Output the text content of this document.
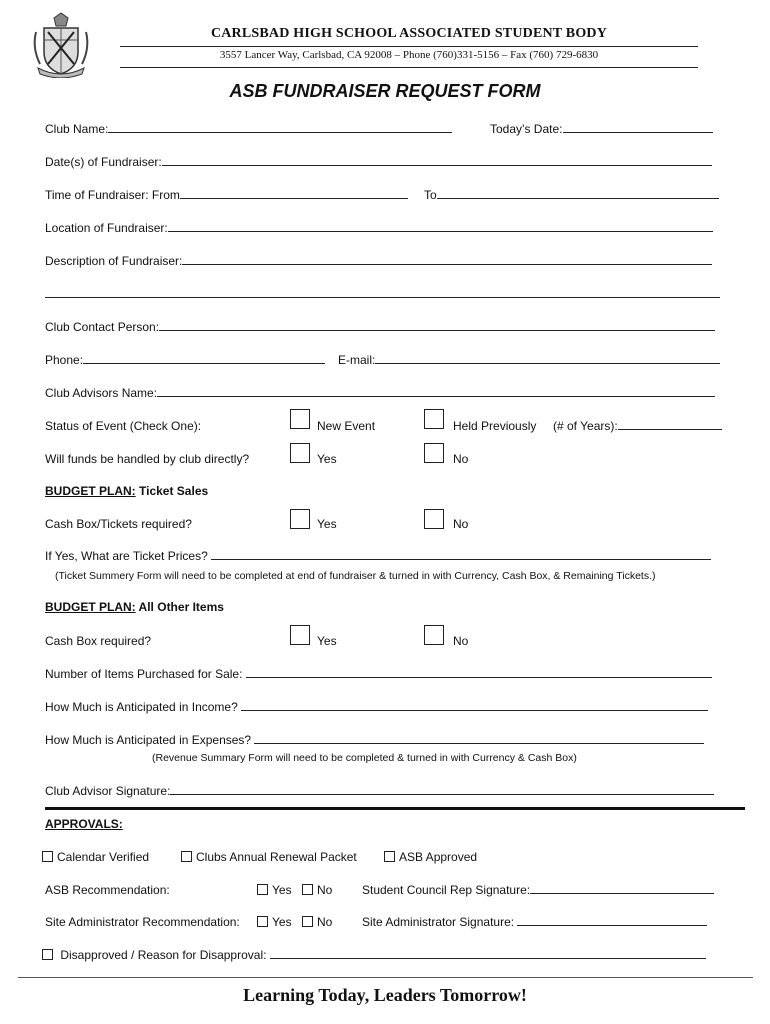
CARLSBAD HIGH SCHOOL ASSOCIATED STUDENT BODY
3557 Lancer Way, Carlsbad, CA 92008 – Phone (760)331-5156 – Fax (760) 729-6830
ASB FUNDRAISER REQUEST FORM
Club Name:	Today’s Date:
Date(s) of Fundraiser:
Time of Fundraiser: From	To
Location of Fundraiser:
Description of Fundraiser:
Club Contact Person:
Phone:	E-mail:
Club Advisors Name:
Status of Event (Check One):	New Event	Held Previously (# of Years):
Will funds be handled by club directly?	Yes	No
BUDGET PLAN: Ticket Sales
Cash Box/Tickets required?	Yes	No
If Yes, What are Ticket Prices?
(Ticket Summery Form will need to be completed at end of fundraiser & turned in with Currency, Cash Box, & Remaining Tickets.)
BUDGET PLAN: All Other Items
Cash Box required?	Yes	No
Number of Items Purchased for Sale:
How Much is Anticipated in Income?
How Much is Anticipated in Expenses?
(Revenue Summary Form will need to be completed & turned in with Currency & Cash Box)
Club Advisor Signature:
APPROVALS:
Calendar Verified	Clubs Annual Renewal Packet	ASB Approved
ASB Recommendation:	Yes	No Student Council Rep Signature:
Site Administrator Recommendation:	Yes	No Site Administrator Signature:
Disapproved / Reason for Disapproval:
Learning Today, Leaders Tomorrow!
